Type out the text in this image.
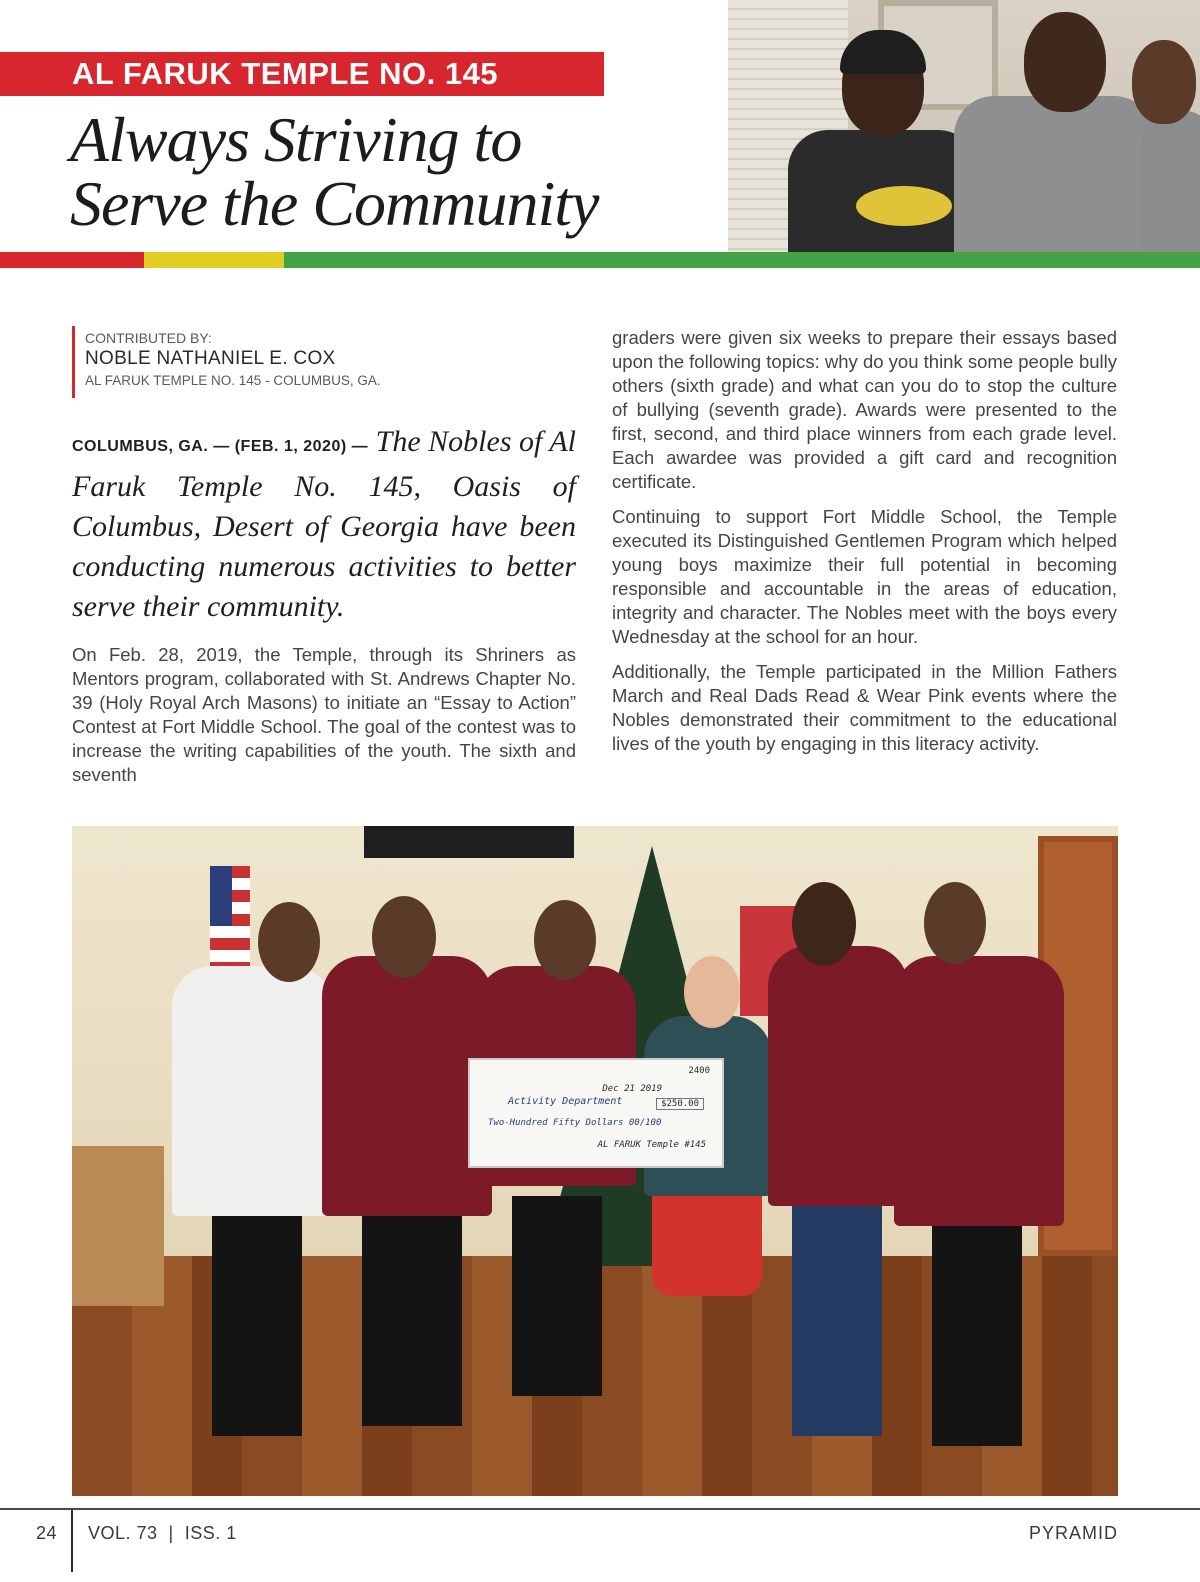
AL FARUK TEMPLE NO. 145
Always Striving to
Serve the Community
CONTRIBUTED BY:
NOBLE NATHANIEL E. COX
AL FARUK TEMPLE NO. 145 - COLUMBUS, GA.
COLUMBUS, GA. — (FEB. 1, 2020) — The Nobles of Al Faruk Temple No. 145, Oasis of Columbus, Desert of Georgia have been conducting numerous activities to better serve their community.

On Feb. 28, 2019, the Temple, through its Shriners as Mentors program, collaborated with St. Andrews Chapter No. 39 (Holy Royal Arch Masons) to initiate an “Essay to Action” Contest at Fort Middle School. The goal of the contest was to increase the writing capabilities of the youth. The sixth and seventh

graders were given six weeks to prepare their essays based upon the following topics: why do you think some people bully others (sixth grade) and what can you do to stop the culture of bullying (seventh grade). Awards were presented to the first, second, and third place winners from each grade level. Each awardee was provided a gift card and recognition certificate.

Continuing to support Fort Middle School, the Temple executed its Distinguished Gentlemen Program which helped young boys maximize their full potential in becoming responsible and accountable in the areas of education, integrity and character. The Nobles meet with the boys every Wednesday at the school for an hour.

Additionally, the Temple participated in the Million Fathers March and Real Dads Read & Wear Pink events where the Nobles demonstrated their commitment to the educational lives of the youth by engaging in this literacy activity.

2400
Dec 21 2019
Activity Department	$250.00
Two-Hundred Fifty Dollars 00/100
AL FARUK Temple #145
24 VOL. 73  |  ISS. 1	PYRAMID
